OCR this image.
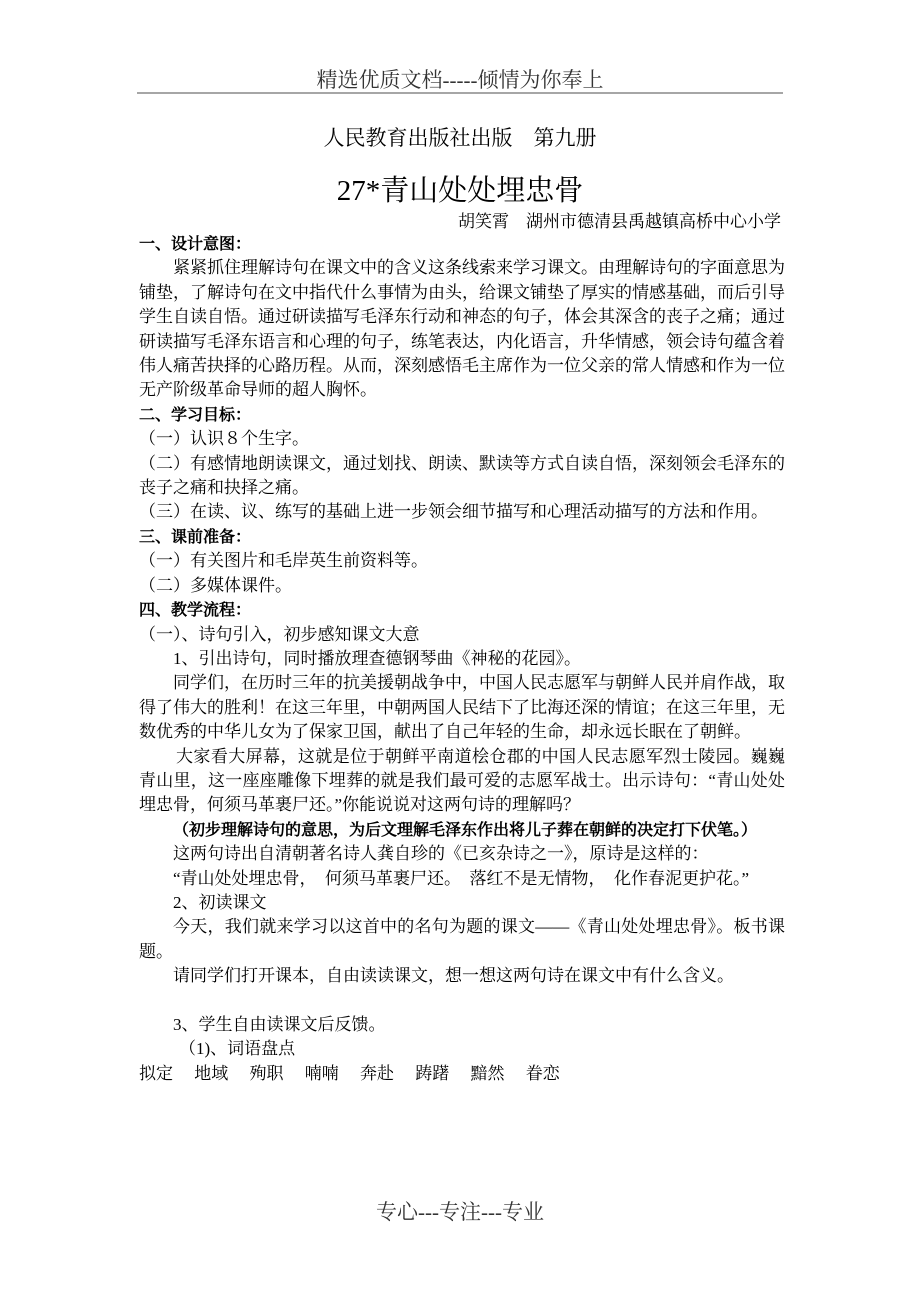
精选优质文档-----倾情为你奉上
人民教育出版社出版　第九册
27*青山处处埋忠骨
胡笑霄　湖州市德清县禹越镇高桥中心小学

一、设计意图：

紧紧抓住理解诗句在课文中的含义这条线索来学习课文。由理解诗句的字面意思为铺垫，了解诗句在文中指代什么事情为由头，给课文铺垫了厚实的情感基础，而后引导学生自读自悟。通过研读描写毛泽东行动和神态的句子，体会其深含的丧子之痛；通过研读描写毛泽东语言和心理的句子，练笔表达，内化语言，升华情感，领会诗句蕴含着伟人痛苦抉择的心路历程。从而，深刻感悟毛主席作为一位父亲的常人情感和作为一位无产阶级革命导师的超人胸怀。

二、学习目标：

（一）认识８个生字。

（二）有感情地朗读课文，通过划找、朗读、默读等方式自读自悟，深刻领会毛泽东的丧子之痛和抉择之痛。

（三）在读、议、练写的基础上进一步领会细节描写和心理活动描写的方法和作用。

三、课前准备：

（一）有关图片和毛岸英生前资料等。

（二）多媒体课件。

四、教学流程：

（一）、诗句引入，初步感知课文大意

1、引出诗句，同时播放理查德钢琴曲《神秘的花园》。

同学们，在历时三年的抗美援朝战争中，中国人民志愿军与朝鲜人民并肩作战，取得了伟大的胜利！在这三年里，中朝两国人民结下了比海还深的情谊；在这三年里，无数优秀的中华儿女为了保家卫国，献出了自己年轻的生命，却永远长眠在了朝鲜。

大家看大屏幕，这就是位于朝鲜平南道桧仓郡的中国人民志愿军烈士陵园。巍巍青山里，这一座座雕像下埋葬的就是我们最可爱的志愿军战士。出示诗句：“青山处处埋忠骨，何须马革裹尸还。”你能说说对这两句诗的理解吗？

（初步理解诗句的意思，为后文理解毛泽东作出将儿子葬在朝鲜的决定打下伏笔。）

这两句诗出自清朝著名诗人龚自珍的《已亥杂诗之一》，原诗是这样的：

“青山处处埋忠骨，　何须马革裹尸还。　落红不是无情物，　化作春泥更护花。”

2、初读课文

今天，我们就来学习以这首中的名句为题的课文——《青山处处埋忠骨》。板书课题。

请同学们打开课本，自由读读课文，想一想这两句诗在课文中有什么含义。

3、学生自由读课文后反馈。

（1)、词语盘点

拟定　 地域　 殉职　 喃喃　 奔赴　 踌躇　 黯然　 眷恋

专心---专注---专业
